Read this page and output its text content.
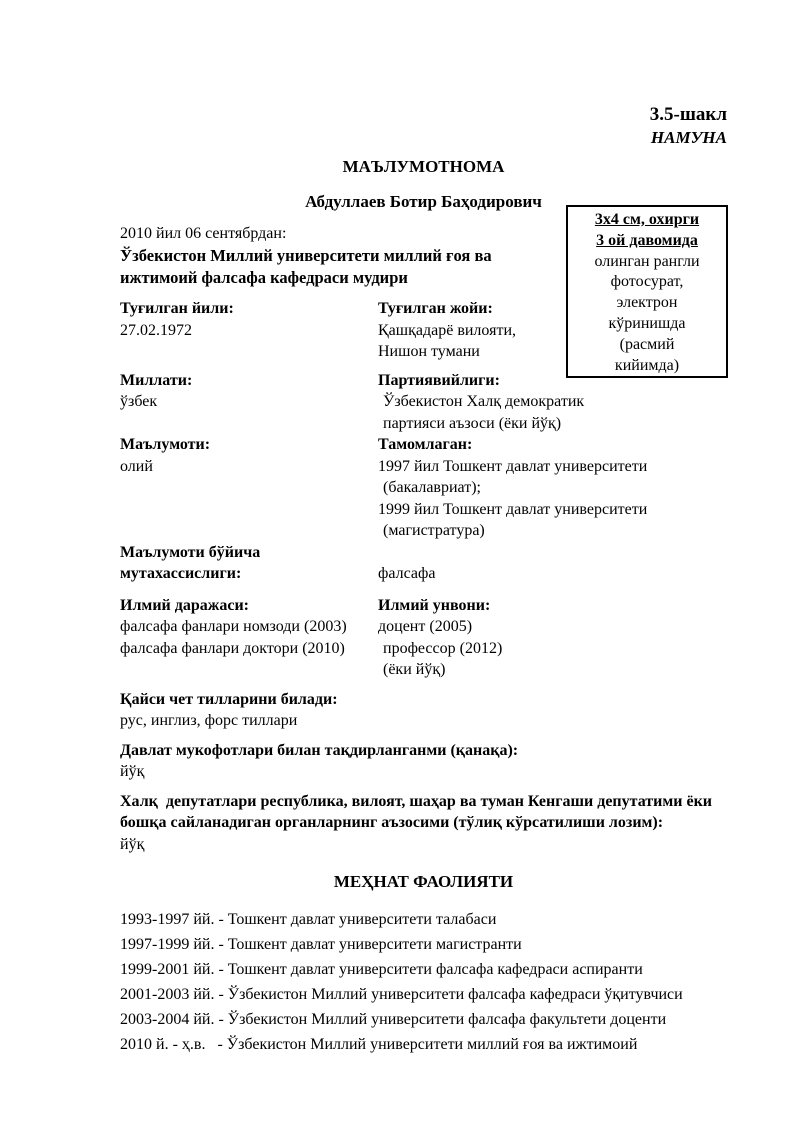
3.5-шакл
НАМУНА
МАЪЛУМОТНОМА
Абдуллаев Ботир Баҳодирович
2010 йил 06 сентябрдан:
Ўзбекистон Миллий университети миллий ғоя ва
ижтимоий фалсафа кафедраси мудири
Туғилган йили:
27.02.1972
Туғилган жойи:
Қашқадарё вилояти,
Нишон тумани
Миллати:
ўзбек
Партиявийлиги:
Ўзбекистон Халқ демократик
партияси аъзоси (ёки йўқ)
Маълумоти:
олий
Тамомлаган:
1997 йил Тошкент давлат университети
(бакалавриат);
1999 йил Тошкент давлат университети
(магистратура)
Маълумоти бўйича
мутахассислиги:	фалсафа
Илмий даражаси:
фалсафа фанлари номзоди (2003)
фалсафа фанлари доктори (2010)
Илмий унвони:
доцент (2005)
профессор (2012)
(ёки йўқ)
Қайси чет тилларини билади:
рус, инглиз, форс тиллари
Давлат мукофотлари билан тақдирланганми (қанақа):
йўқ
Халқ  депутатлари республика, вилоят, шаҳар ва туман Кенгаши депутатими ёки
бошқа сайланадиган органларнинг аъзосими (тўлиқ кўрсатилиши лозим):
йўқ
МЕҲНАТ ФАОЛИЯТИ
1993-1997 йй. - Тошкент давлат университети талабаси
1997-1999 йй. - Тошкент давлат университети магистранти
1999-2001 йй. - Тошкент давлат университети фалсафа кафедраси аспиранти
2001-2003 йй. - Ўзбекистон Миллий университети фалсафа кафедраси ўқитувчиси
2003-2004 йй. - Ўзбекистон Миллий университети фалсафа факультети доценти
2010 й. - ҳ.в.   - Ўзбекистон Миллий университети миллий ғоя ва ижтимоий
3х4 см, охирги
3 ой давомида
олинган рангли
фотосурат,
электрон
кўринишда
(расмий
кийимда)
